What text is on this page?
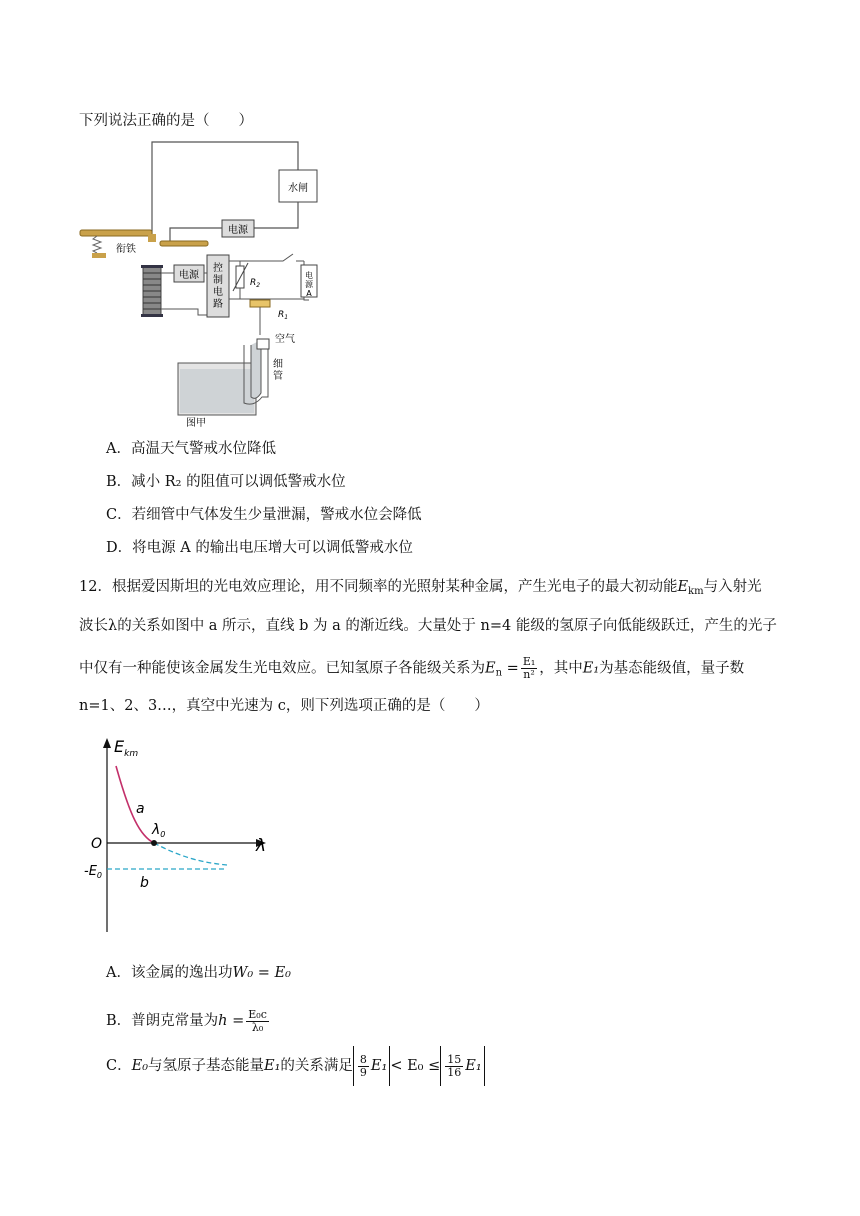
下列说法正确的是（　　）
水闸
电源
衔铁
电源
控制电路
电源 A
$R_2$
$R_1$
空气
细管
图甲
A．高温天气警戒水位降低
B．减小 R₂ 的阻值可以调低警戒水位
C．若细管中气体发生少量泄漏，警戒水位会降低
D．将电源 A 的输出电压增大可以调低警戒水位
12．根据爱因斯坦的光电效应理论，用不同频率的光照射某种金属，产生光电子的最大初动能$E_{km}$与入射光
波长λ的关系如图中 a 所示，直线 b 为 a 的渐近线。大量处于 n=4 能级的氢原子向低能级跃迁，产生的光子
中仅有一种能使该金属发生光电效应。已知氢原子各能级关系为$E_n = \frac{\text{E₁}}{\text{n²}}$ ，其中E₁为基态能级值，量子数
n=1、2、3…，真空中光速为 c，则下列选项正确的是（　　）
$E_{km}$
λ
O
$-E_0$
a
b
$\lambda_0$
A．该金属的逸出功W₀ = E₀
B．普朗克常量为$h = \frac{\text{E₀c}}{\text{λ₀}}$
C．E₀与氢原子基态能量E₁的关系满足 $\frac{8}{9} E_1 < E_0 \le \frac{15}{16} E_1$
